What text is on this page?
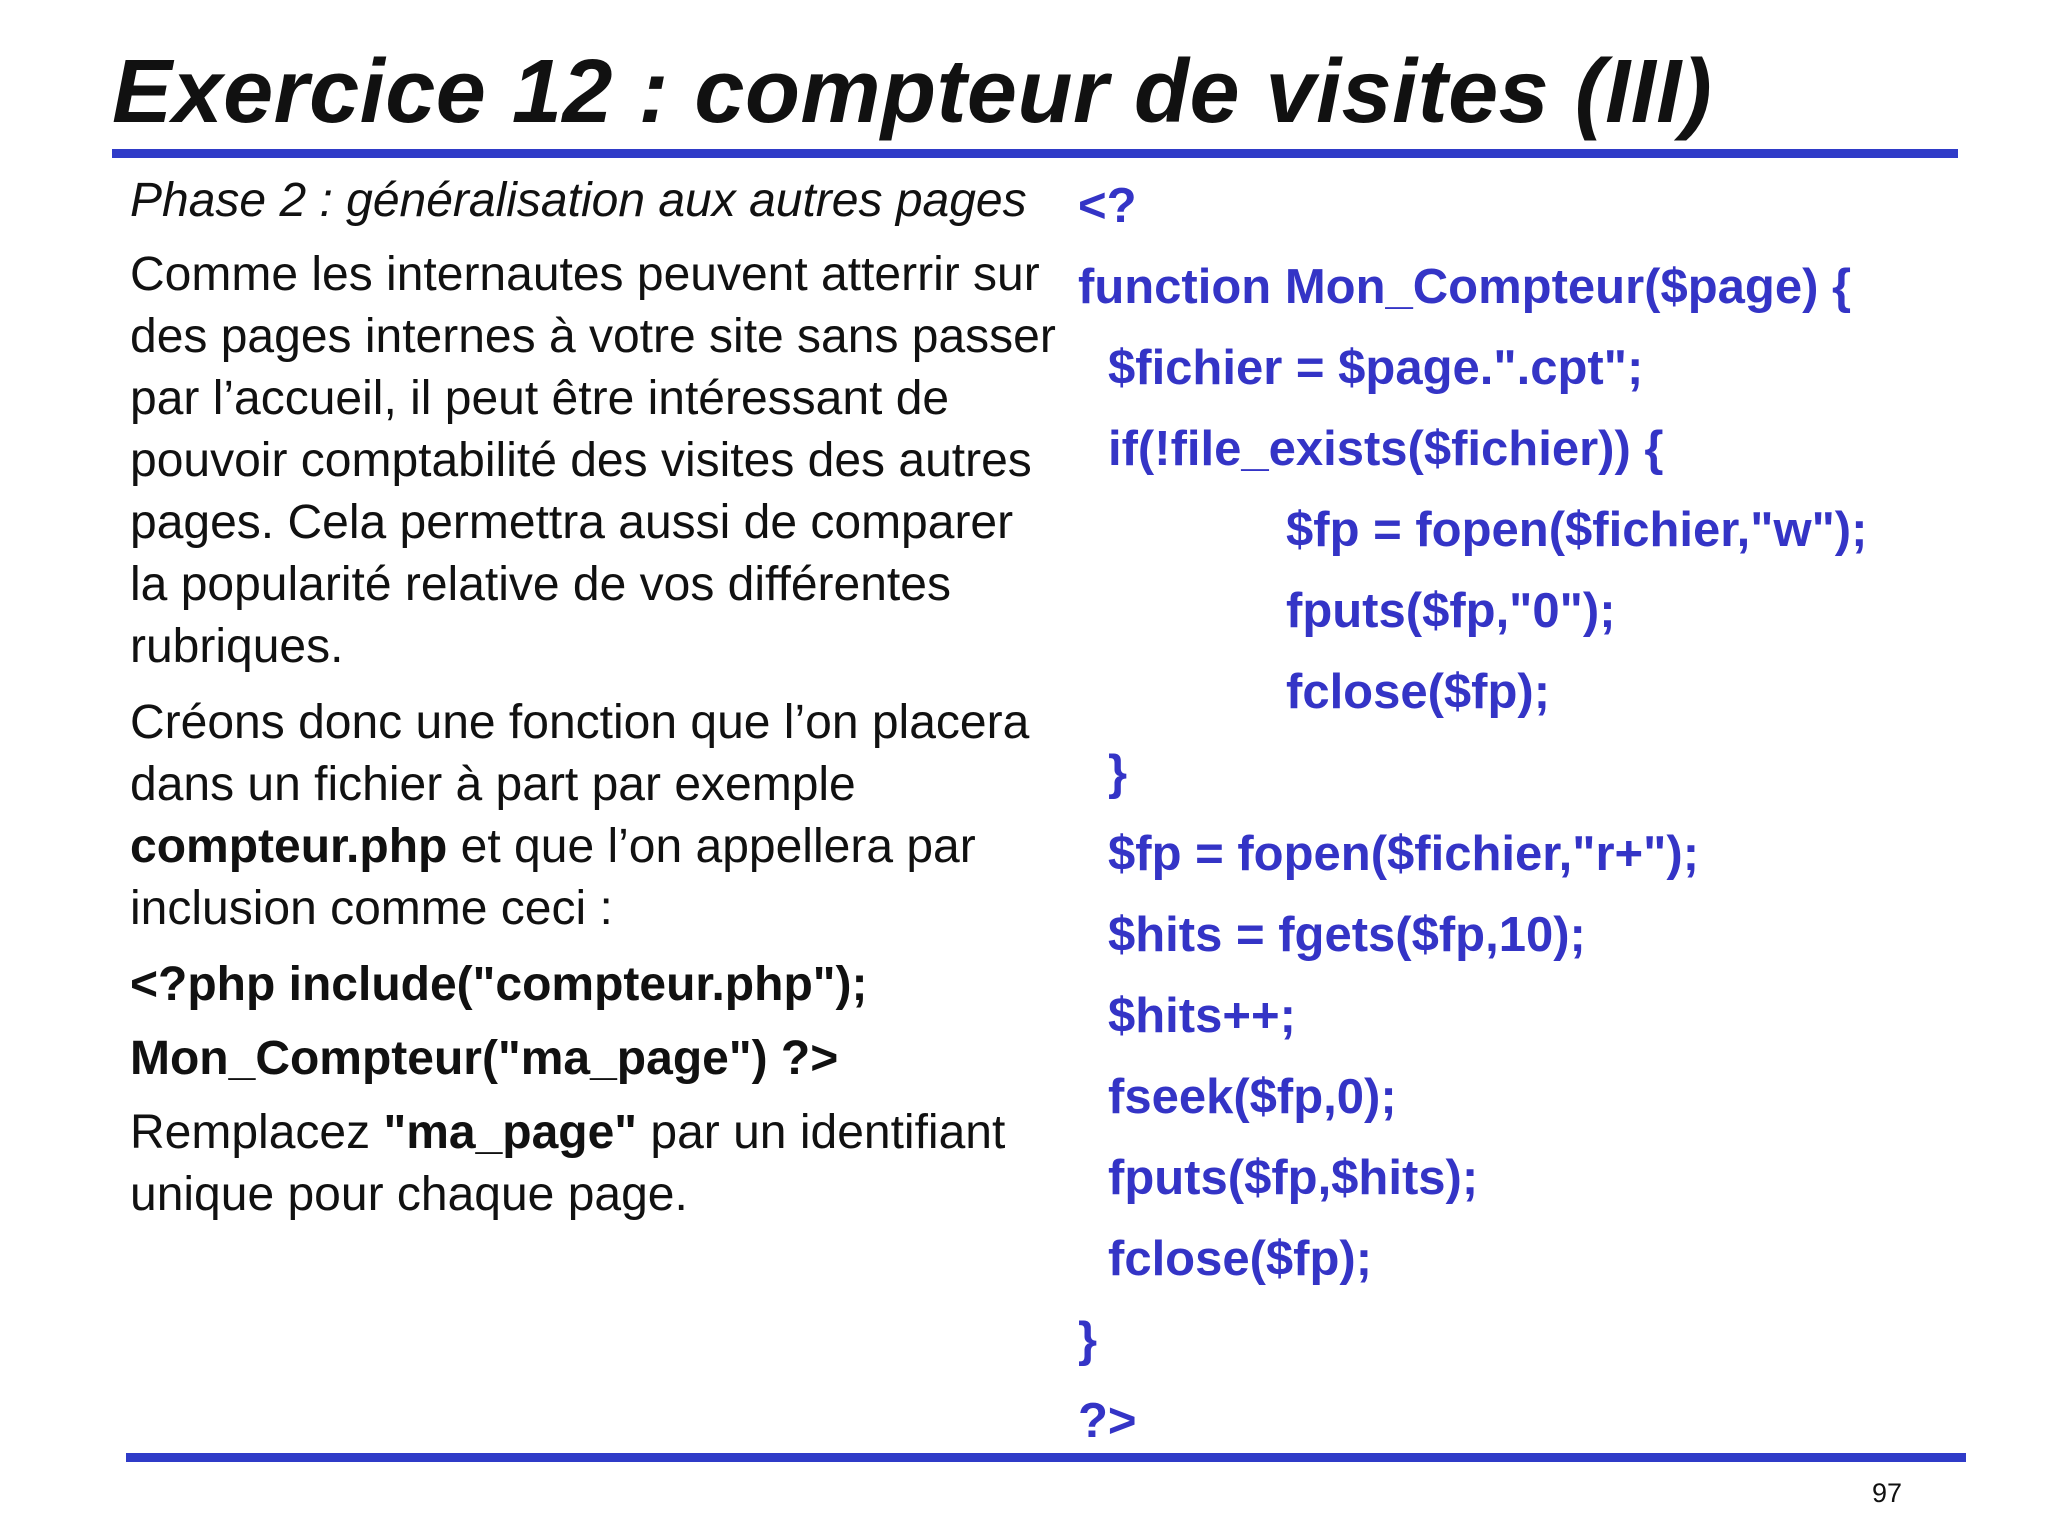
Exercice 12 : compteur de visites (III)

Phase 2 : généralisation aux autres pages

Comme les internautes peuvent atterrir sur des pages internes à votre site sans passer par l’accueil, il peut être intéressant de pouvoir comptabilité des visites des autres pages. Cela permettra aussi de comparer la popularité relative de vos différentes rubriques.

Créons donc une fonction que l’on placera dans un fichier à part par exemple compteur.php et que l’on appellera par inclusion comme ceci :

<?php include("compteur.php");
Mon_Compteur("ma_page") ?>

Remplacez "ma_page" par un identifiant unique pour chaque page.

<?
function Mon_Compteur($page) {
$fichier = $page.".cpt";
if(!file_exists($fichier)) {
$fp = fopen($fichier,"w");
fputs($fp,"0");
fclose($fp);
}
$fp = fopen($fichier,"r+");
$hits = fgets($fp,10);
$hits++;
fseek($fp,0);
fputs($fp,$hits);
fclose($fp);
}
?>
97
